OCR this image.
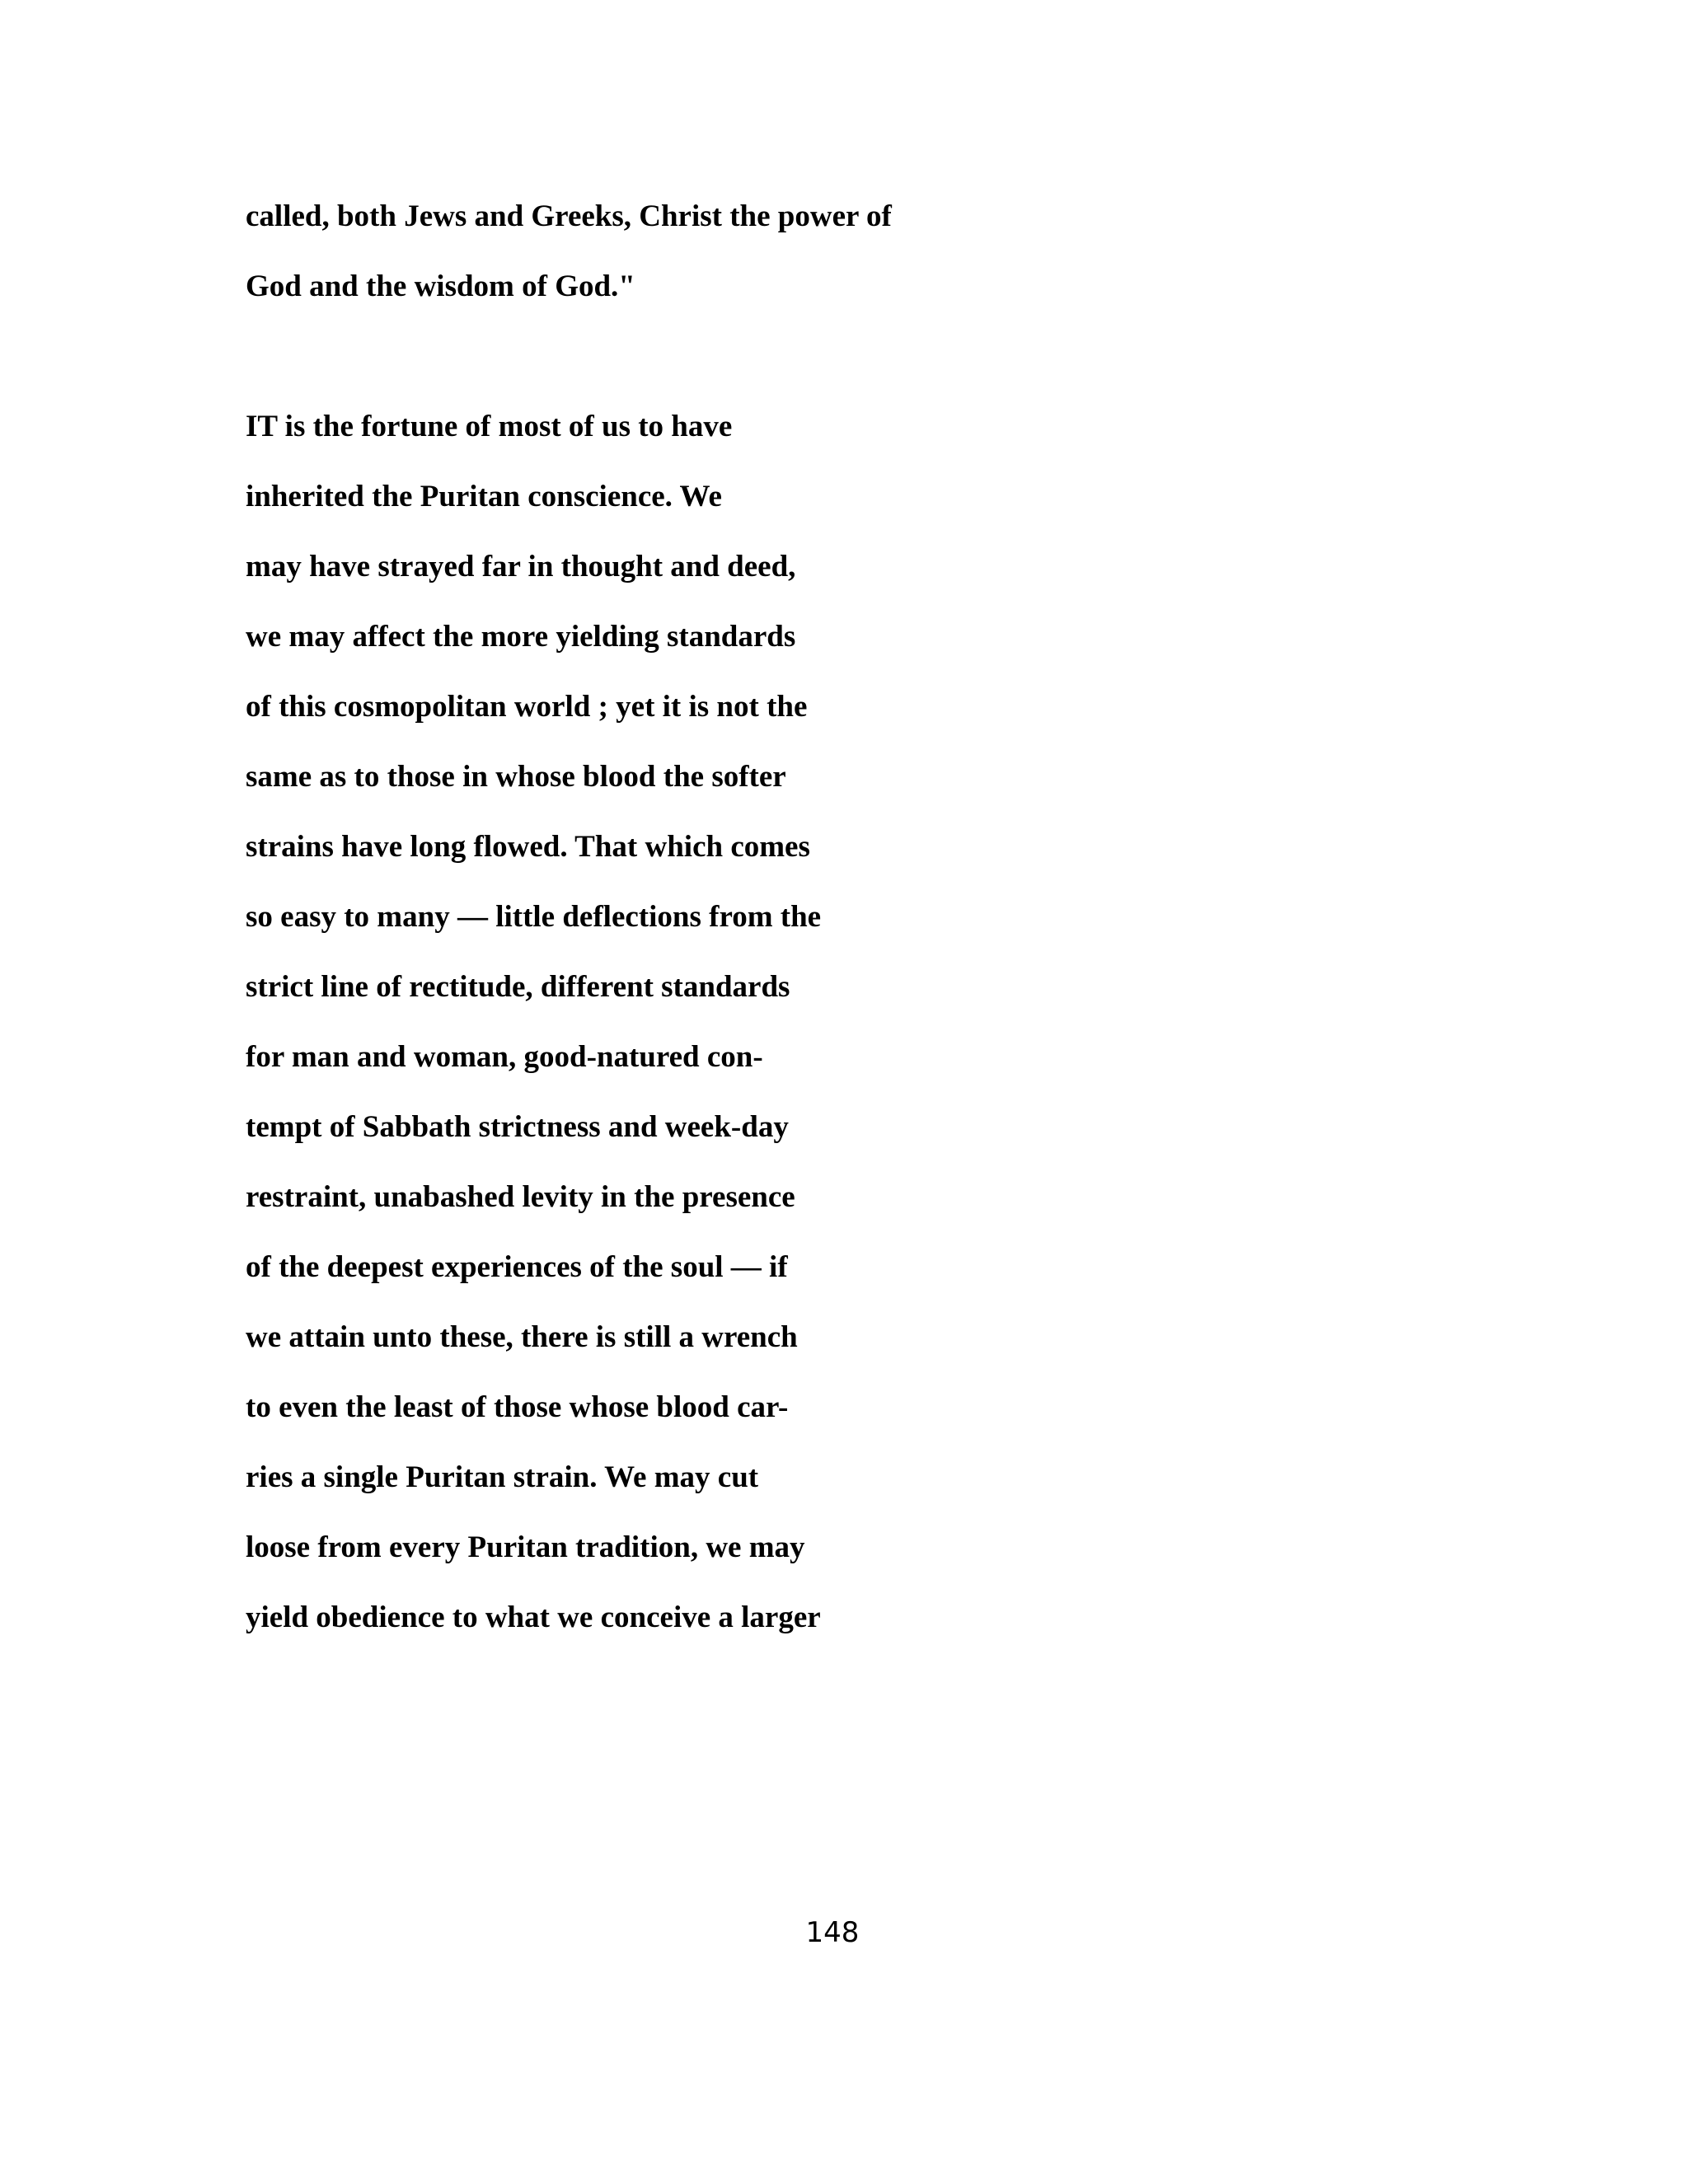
called, both Jews and Greeks, Christ the power of
God and the wisdom of God."
IT is the fortune of most of us to have
inherited the Puritan conscience. We
may have strayed far in thought and deed,
we may affect the more yielding standards
of this cosmopolitan world ; yet it is not the
same as to those in whose blood the softer
strains have long flowed. That which comes
so easy to many — little deflections from the
strict line of rectitude, different standards
for man and woman, good-natured con-
tempt of Sabbath strictness and week-day
restraint, unabashed levity in the presence
of the deepest experiences of the soul — if
we attain unto these, there is still a wrench
to even the least of those whose blood car-
ries a single Puritan strain. We may cut
loose from every Puritan tradition, we may
yield obedience to what we conceive a larger
148
